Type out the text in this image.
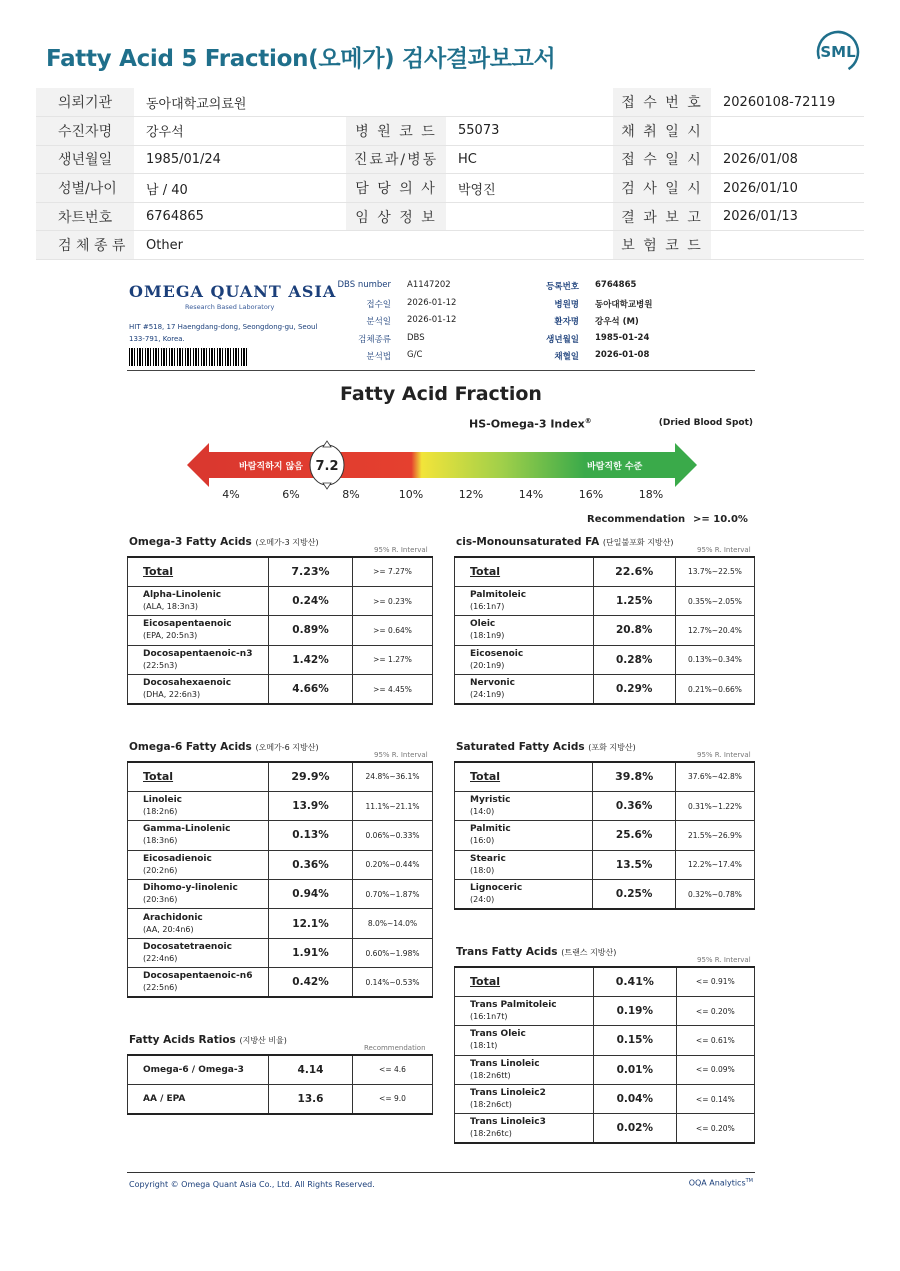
Fatty Acid 5 Fraction(오메가) 검사결과보고서	SML
의뢰기관	동아대학교의료원			접 수 번 호	20260108-72119
수진자명	강우석	병 원 코 드	55073	채 취 일 시	
생년월일	1985/01/24	진료과/병동	HC	접 수 일 시	2026/01/08
성별/나이	남 / 40	담 당 의 사	박영진	검 사 일 시	2026/01/10
차트번호	6764865	임 상 정 보		결 과 보 고	2026/01/13
검 체 종 류	Other			보 험 코 드	
OMEGA QUANT ASIA
Research Based Laboratory
HIT #518, 17 Haengdang-dong, Seongdong-gu, Seoul 133-791, Korea.
DBS number A1147202
접수일 2026-01-12
분석일 2026-01-12
검체종류 DBS
분석법 G/C
등록번호 6764865
병원명 동아대학교병원
환자명 강우석 (M)
생년월일 1985-01-24
채혈일 2026-01-08
Fatty Acid Fraction
HS-Omega-3 Index®	(Dried Blood Spot)
바람직하지 않음	바람직한 수준
7.2
4%	6%	8%	10%	12%	14%	16%	18%
Recommendation >= 10.0%
Omega-3 Fatty Acids (오메가-3 지방산)
95% R. Interval
Total	7.23%	>= 7.27%

Alpha-Linolenic
(ALA, 18:3n3)	0.24%	>= 0.23%

Eicosapentaenoic
(EPA, 20:5n3)	0.89%	>= 0.64%

Docosapentaenoic-n3
(22:5n3)	1.42%	>= 1.27%

Docosahexaenoic
(DHA, 22:6n3)	4.66%	>= 4.45%
cis-Monounsaturated FA (단일불포화 지방산)
95% R. Interval
Total	22.6%	13.7%~22.5%

Palmitoleic
(16:1n7)	1.25%	0.35%~2.05%

Oleic
(18:1n9)	20.8%	12.7%~20.4%

Eicosenoic
(20:1n9)	0.28%	0.13%~0.34%

Nervonic
(24:1n9)	0.29%	0.21%~0.66%
Omega-6 Fatty Acids (오메가-6 지방산)
95% R. Interval
Total	29.9%	24.8%~36.1%

Linoleic
(18:2n6)	13.9%	11.1%~21.1%

Gamma-Linolenic
(18:3n6)	0.13%	0.06%~0.33%

Eicosadienoic
(20:2n6)	0.36%	0.20%~0.44%

Dihomo-y-linolenic
(20:3n6)	0.94%	0.70%~1.87%

Arachidonic
(AA, 20:4n6)	12.1%	8.0%~14.0%

Docosatetraenoic
(22:4n6)	1.91%	0.60%~1.98%

Docosapentaenoic-n6
(22:5n6)	0.42%	0.14%~0.53%
Saturated Fatty Acids (포화 지방산)
95% R. Interval
Total	39.8%	37.6%~42.8%

Myristic
(14:0)	0.36%	0.31%~1.22%

Palmitic
(16:0)	25.6%	21.5%~26.9%

Stearic
(18:0)	13.5%	12.2%~17.4%

Lignoceric
(24:0)	0.25%	0.32%~0.78%
Trans Fatty Acids (트랜스 지방산)
95% R. Interval
Total	0.41%	<= 0.91%

Trans Palmitoleic
(16:1n7t)	0.19%	<= 0.20%

Trans Oleic
(18:1t)	0.15%	<= 0.61%

Trans Linoleic
(18:2n6tt)	0.01%	<= 0.09%

Trans Linoleic2
(18:2n6ct)	0.04%	<= 0.14%

Trans Linoleic3
(18:2n6tc)	0.02%	<= 0.20%
Fatty Acids Ratios (지방산 비율)
Recommendation
Omega-6 / Omega-3	4.14	<= 4.6

AA / EPA	13.6	<= 9.0
Copyright © Omega Quant Asia Co., Ltd. All Rights Reserved.	OQA Analytics™
